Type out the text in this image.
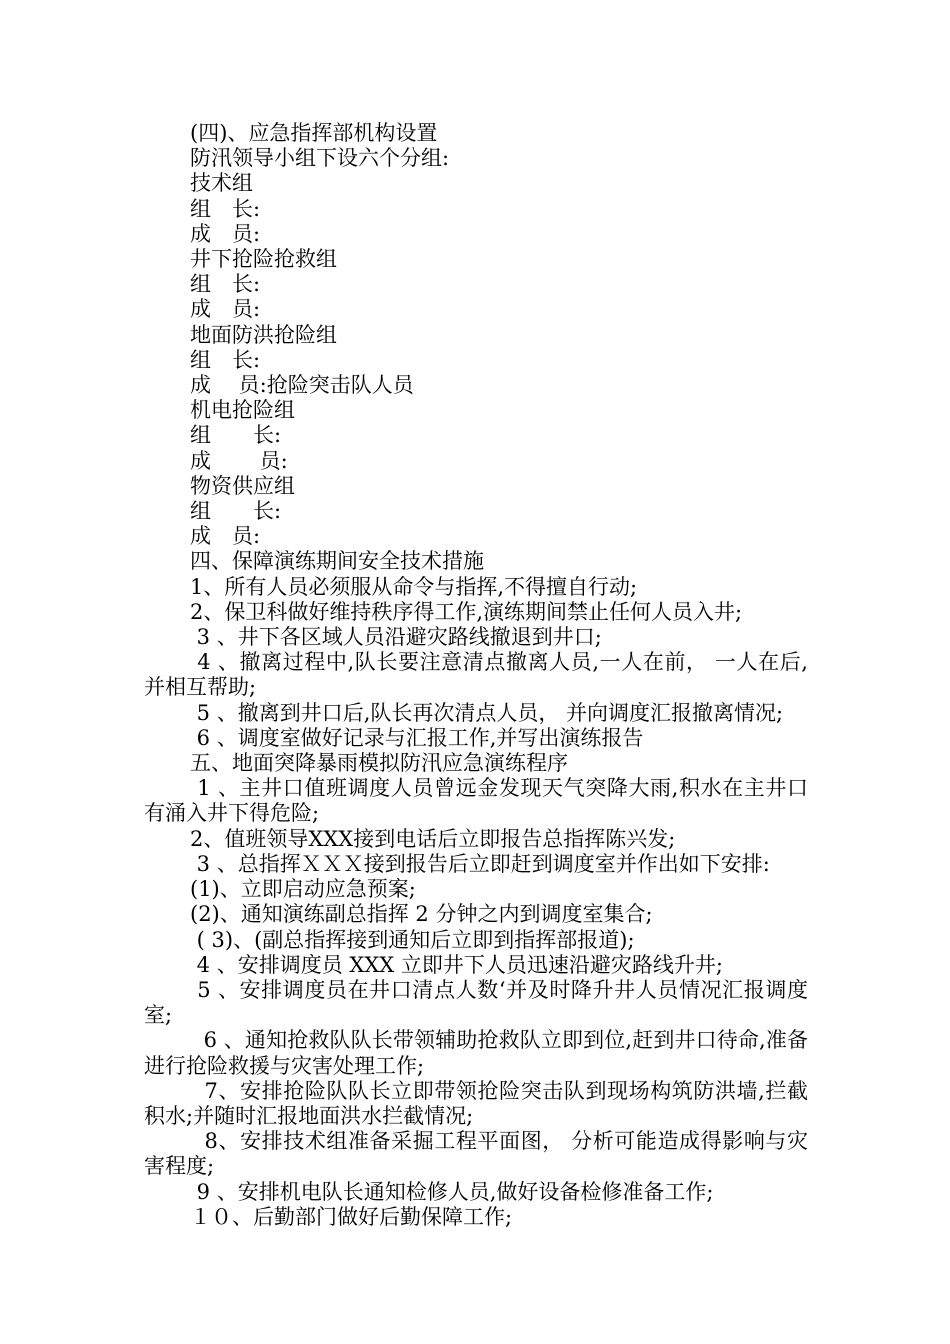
(四)、应急指挥部机构设置
防汛领导小组下设六个分组:
技术组
组　长:
成　员:
井下抢险抢救组
组　长:
成　员:
地面防洪抢险组
组　长:
成　 员:抢险突击队人员
机电抢险组
组　　长:
成　　 员:
物资供应组
组　　长:
成　员:
四、保障演练期间安全技术措施
1、所有人员必须服从命令与指挥,不得擅自行动;
2、保卫科做好维持秩序得工作,演练期间禁止任何人员入井;
3 、井下各区域人员沿避灾路线撤退到井口;
4 、撤离过程中,队长要注意清点撤离人员,一人在前， 一人在后,并相互帮助;
5 、撤离到井口后,队长再次清点人员， 并向调度汇报撤离情况;
6 、调度室做好记录与汇报工作,并写出演练报告
五、地面突降暴雨模拟防汛应急演练程序
1 、主井口值班调度人员曾远金发现天气突降大雨,积水在主井口有涌入井下得危险;
2、值班领导XXX接到电话后立即报告总指挥陈兴发;
3 、总指挥ＸＸＸ接到报告后立即赶到调度室并作出如下安排:
(1)、立即启动应急预案;
(2)、通知演练副总指挥 2 分钟之内到调度室集合;
( 3)、(副总指挥接到通知后立即到指挥部报道);
4 、安排调度员 XXX 立即井下人员迅速沿避灾路线升井;
5 、安排调度员在井口清点人数‘并及时降升井人员情况汇报调度室;
6 、通知抢救队队长带领辅助抢救队立即到位,赶到井口待命,准备进行抢险救援与灾害处理工作;
7、安排抢险队队长立即带领抢险突击队到现场构筑防洪墙,拦截积水;并随时汇报地面洪水拦截情况;
8、安排技术组准备采掘工程平面图， 分析可能造成得影响与灾害程度;
9 、安排机电队长通知检修人员,做好设备检修准备工作;
１０、后勤部门做好后勤保障工作;
